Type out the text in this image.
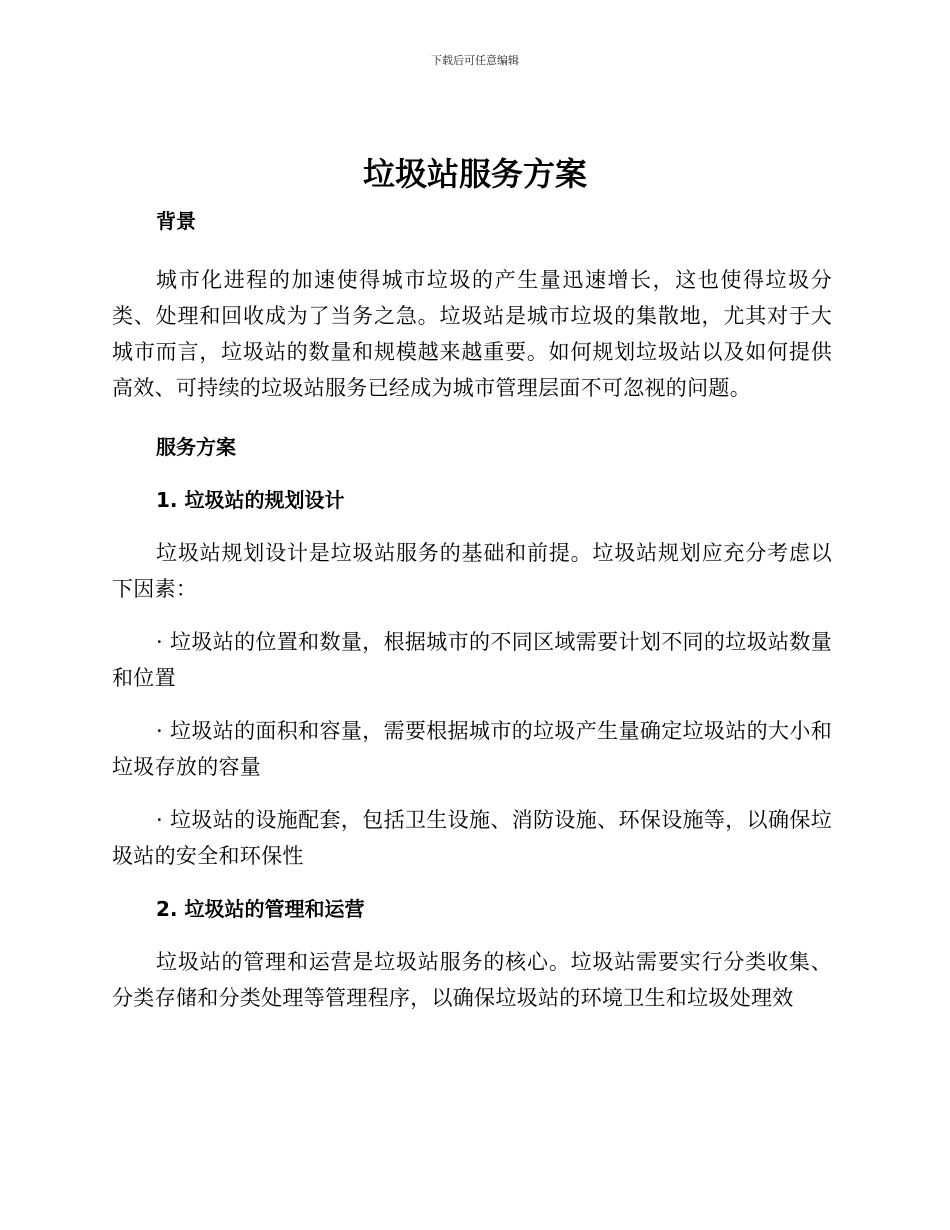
下载后可任意编辑
垃圾站服务方案
背景

城市化进程的加速使得城市垃圾的产生量迅速增长，这也使得垃圾分类、处理和回收成为了当务之急。垃圾站是城市垃圾的集散地，尤其对于大城市而言，垃圾站的数量和规模越来越重要。如何规划垃圾站以及如何提供高效、可持续的垃圾站服务已经成为城市管理层面不可忽视的问题。

服务方案
1. 垃圾站的规划设计

垃圾站规划设计是垃圾站服务的基础和前提。垃圾站规划应充分考虑以下因素：

· 垃圾站的位置和数量，根据城市的不同区域需要计划不同的垃圾站数量和位置

· 垃圾站的面积和容量，需要根据城市的垃圾产生量确定垃圾站的大小和垃圾存放的容量

· 垃圾站的设施配套，包括卫生设施、消防设施、环保设施等，以确保垃圾站的安全和环保性

2. 垃圾站的管理和运营

垃圾站的管理和运营是垃圾站服务的核心。垃圾站需要实行分类收集、分类存储和分类处理等管理程序，以确保垃圾站的环境卫生和垃圾处理效
